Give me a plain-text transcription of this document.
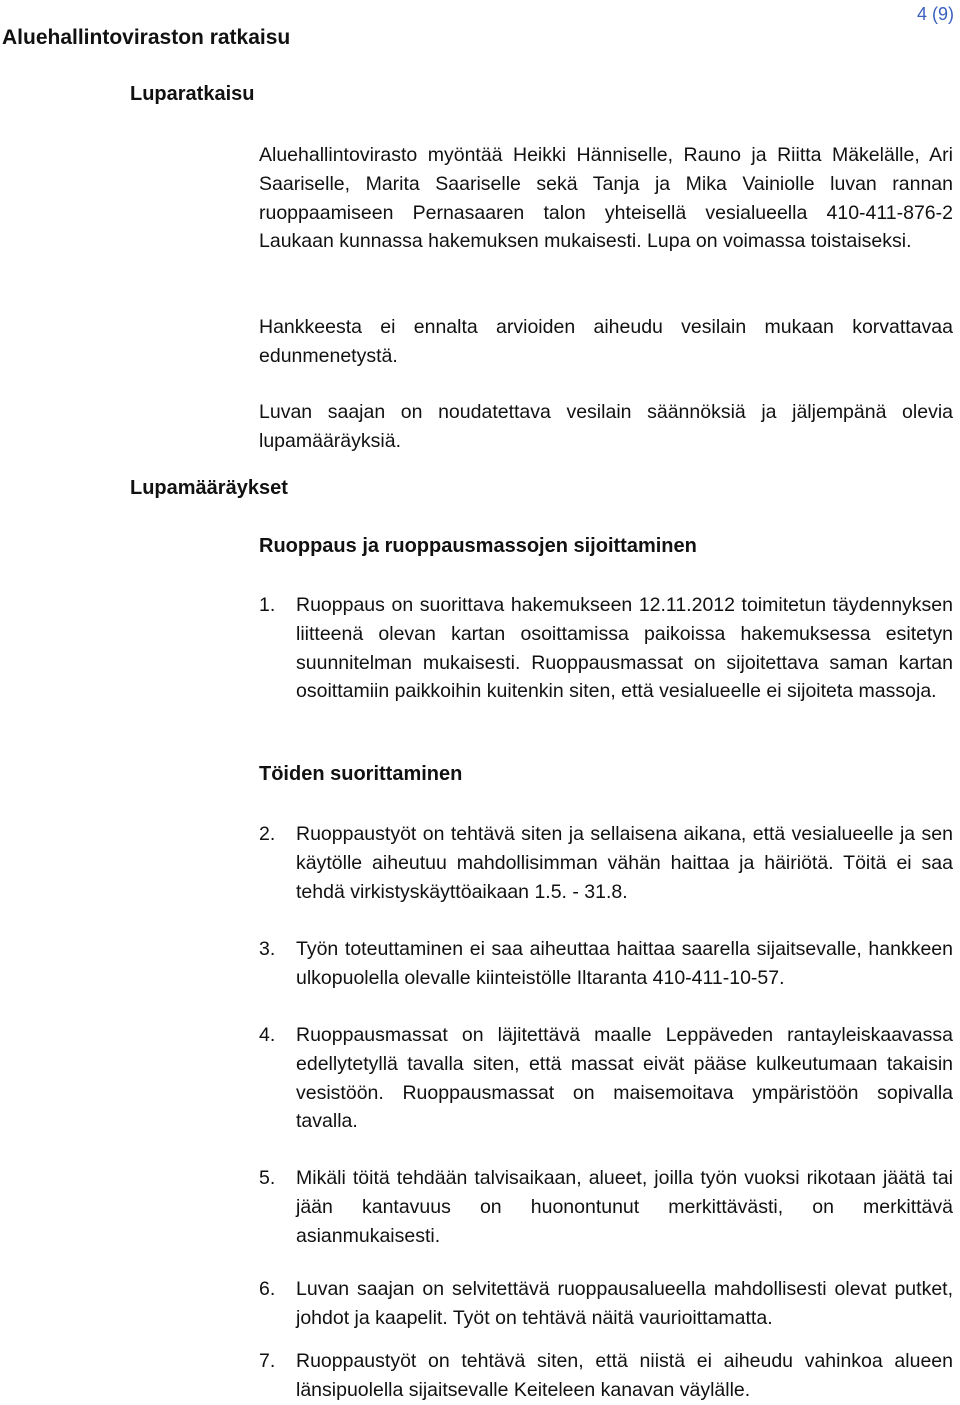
Aluehallintoviraston ratkaisu
4 (9)
Luparatkaisu

Aluehallintovirasto myöntää Heikki Hänniselle, Rauno ja Riitta Mäkelälle, Ari Saariselle, Marita Saariselle sekä Tanja ja Mika Vainiolle luvan rannan ruoppaamiseen Pernasaaren talon yhteisellä vesialueella 410-411-876-2 Laukaan kunnassa hakemuksen mukaisesti. Lupa on voimassa toistaiseksi.

Hankkeesta ei ennalta arvioiden aiheudu vesilain mukaan korvattavaa edunmenetystä.

Luvan saajan on noudatettava vesilain säännöksiä ja jäljempänä olevia lupamääräyksiä.

Lupamääräykset
Ruoppaus ja ruoppausmassojen sijoittaminen
1.	Ruoppaus on suorittava hakemukseen 12.11.2012 toimitetun täydennyksen liitteenä olevan kartan osoittamissa paikoissa hakemuksessa esitetyn suunnitelman mukaisesti. Ruoppausmassat on sijoitettava saman kartan osoittamiin paikkoihin kuitenkin siten, että vesialueelle ei sijoiteta massoja.
Töiden suorittaminen
2.	Ruoppaustyöt on tehtävä siten ja sellaisena aikana, että vesialueelle ja sen käytölle aiheutuu mahdollisimman vähän haittaa ja häiriötä. Töitä ei saa tehdä virkistyskäyttöaikaan 1.5. - 31.8.
3.	Työn toteuttaminen ei saa aiheuttaa haittaa saarella sijaitsevalle, hankkeen ulkopuolella olevalle kiinteistölle Iltaranta 410-411-10-57.
4.	Ruoppausmassat on läjitettävä maalle Leppäveden rantayleiskaavassa edellytetyllä tavalla siten, että massat eivät pääse kulkeutumaan takaisin vesistöön. Ruoppausmassat on maisemoitava ympäristöön sopivalla tavalla.
5.	Mikäli töitä tehdään talvisaikaan, alueet, joilla työn vuoksi rikotaan jäätä tai jään kantavuus on huonontunut merkittävästi, on merkittävä asianmukaisesti.
6.	Luvan saajan on selvitettävä ruoppausalueella mahdollisesti olevat putket, johdot ja kaapelit. Työt on tehtävä näitä vaurioittamatta.
7.	Ruoppaustyöt on tehtävä siten, että niistä ei aiheudu vahinkoa alueen länsipuolella sijaitsevalle Keiteleen kanavan väylälle.
